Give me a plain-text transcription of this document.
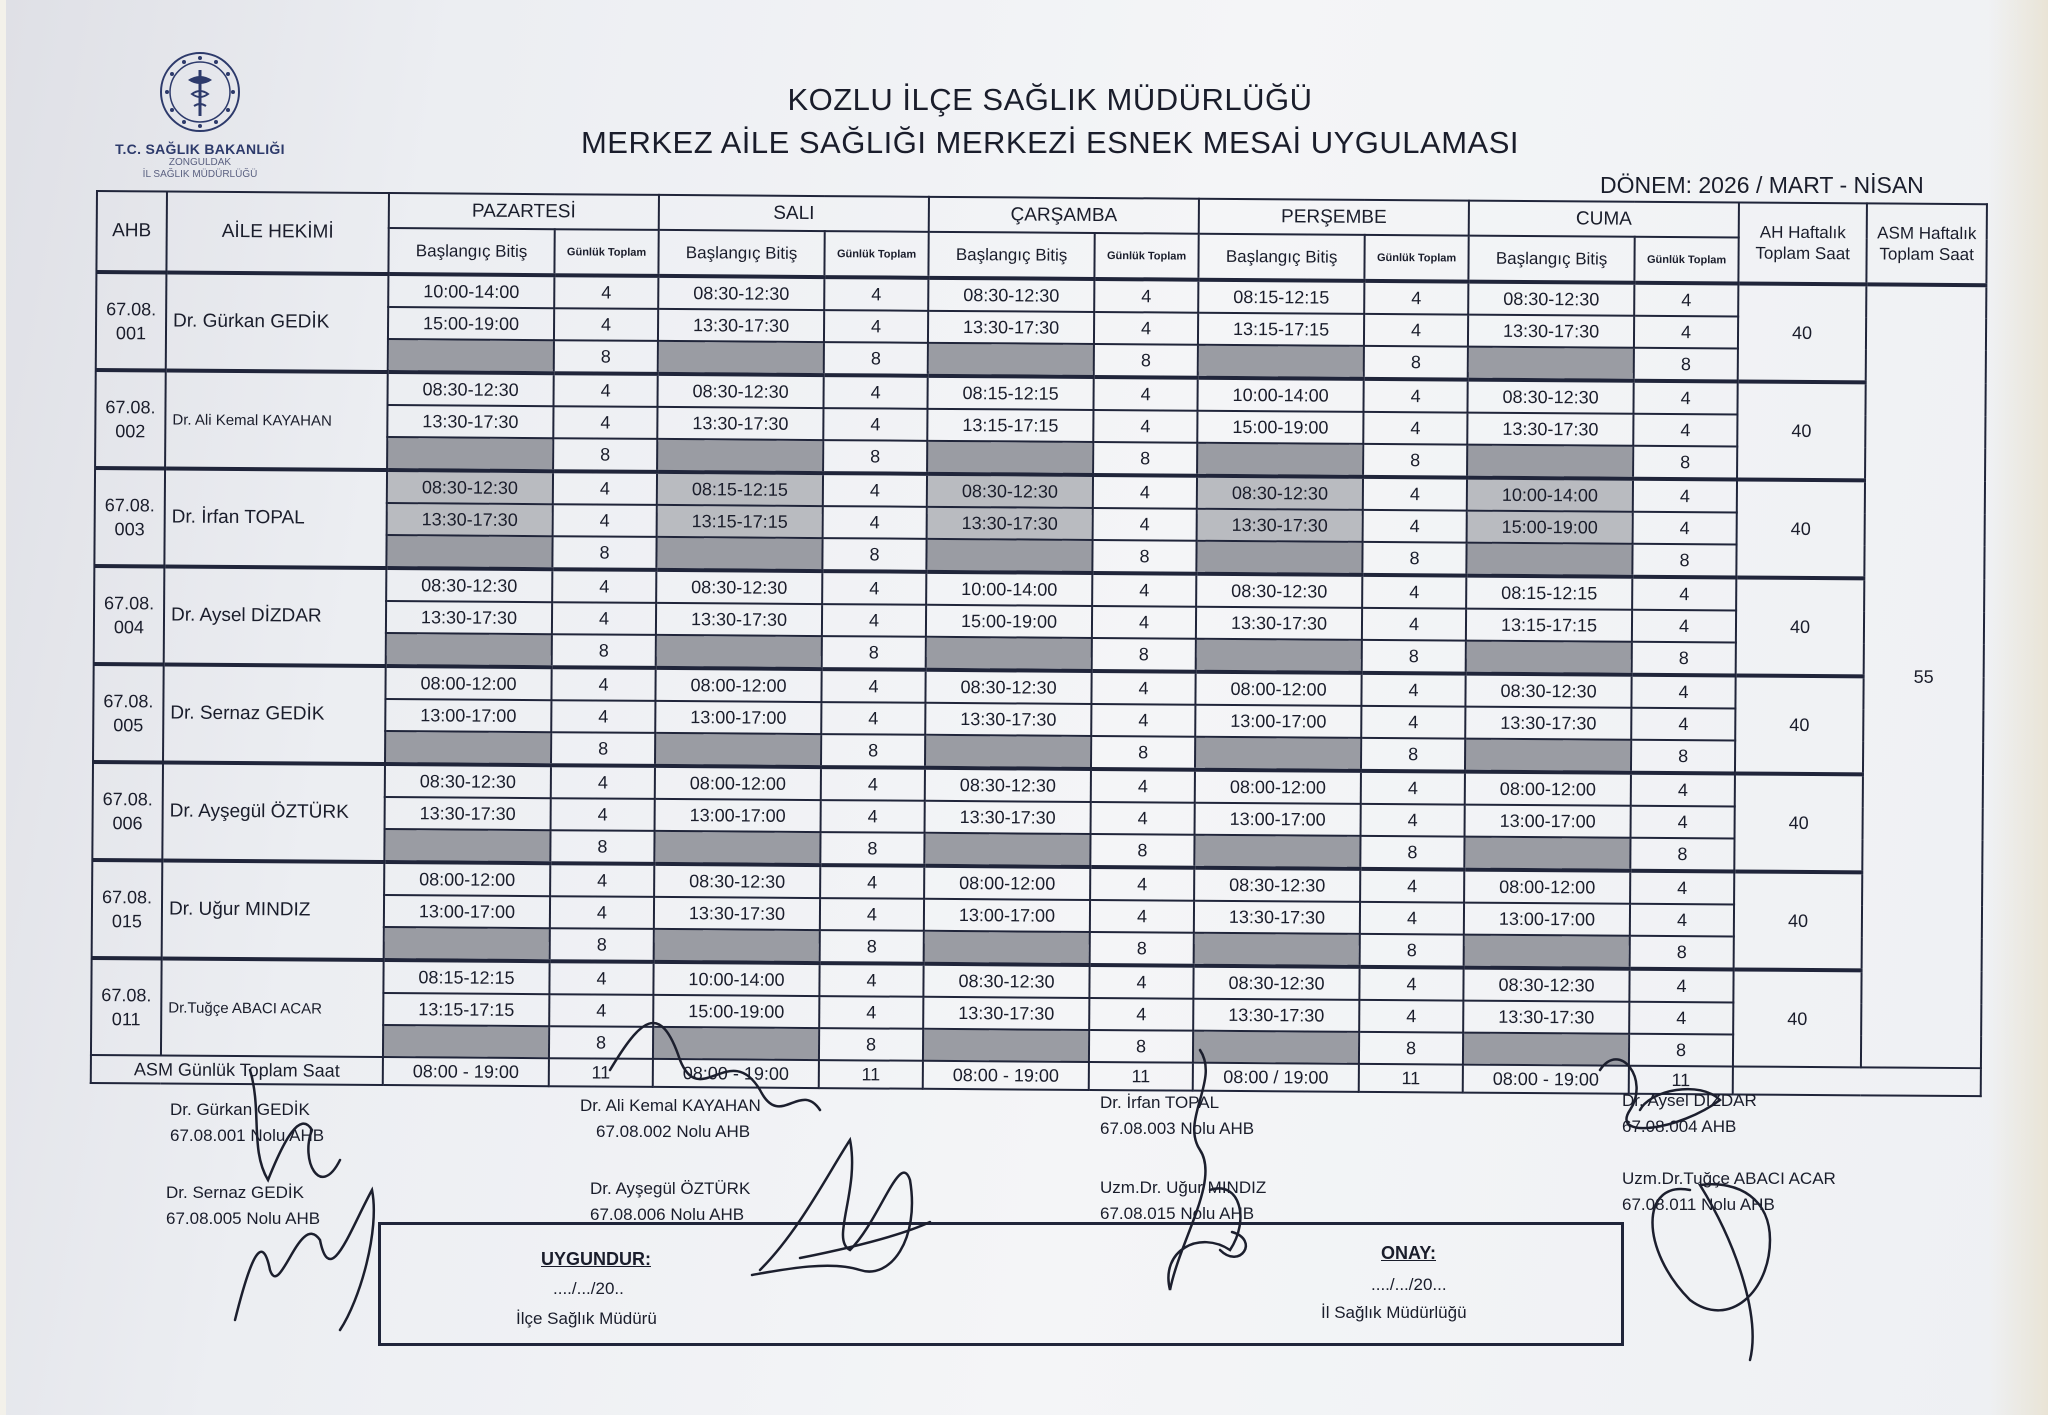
T.C. SAĞLIK BAKANLIĞI
ZONGULDAK
İL SAĞLIK MÜDÜRLÜĞÜ
KOZLU İLÇE SAĞLIK MÜDÜRLÜĞÜ
MERKEZ AİLE SAĞLIĞI MERKEZİ ESNEK MESAİ UYGULAMASI
DÖNEM: 2026 / MART - NİSAN
AHB	AİLE HEKİMİ	PAZARTESİ		SALI		ÇARŞAMBA		PERŞEMBE		CUMA		AH Haftalık Toplam Saat	ASM Haftalık Toplam Saat
		Başlangıç Bitiş	Günlük Toplam	Başlangıç Bitiş	Günlük Toplam	Başlangıç Bitiş	Günlük Toplam	Başlangıç Bitiş	Günlük Toplam	Başlangıç Bitiş	Günlük Toplam		
67.08. 001	Dr. Gürkan GEDİK	10:00-14:00	4	08:30-12:30	4	08:30-12:30	4	08:15-12:15	4	08:30-12:30	4	40	55
		15:00-19:00	4	13:30-17:30	4	13:30-17:30	4	13:15-17:15	4	13:30-17:30	4		
			8		8		8		8		8		
67.08. 002	Dr. Ali Kemal KAYAHAN	08:30-12:30	4	08:30-12:30	4	08:15-12:15	4	10:00-14:00	4	08:30-12:30	4	40	
		13:30-17:30	4	13:30-17:30	4	13:15-17:15	4	15:00-19:00	4	13:30-17:30	4		
			8		8		8		8		8		
67.08. 003	Dr. İrfan TOPAL	08:30-12:30	4	08:15-12:15	4	08:30-12:30	4	08:30-12:30	4	10:00-14:00	4	40	
		13:30-17:30	4	13:15-17:15	4	13:30-17:30	4	13:30-17:30	4	15:00-19:00	4		
			8		8		8		8		8		
67.08. 004	Dr. Aysel DİZDAR	08:30-12:30	4	08:30-12:30	4	10:00-14:00	4	08:30-12:30	4	08:15-12:15	4	40	
		13:30-17:30	4	13:30-17:30	4	15:00-19:00	4	13:30-17:30	4	13:15-17:15	4		
			8		8		8		8		8		
67.08. 005	Dr. Sernaz GEDİK	08:00-12:00	4	08:00-12:00	4	08:30-12:30	4	08:00-12:00	4	08:30-12:30	4	40	
		13:00-17:00	4	13:00-17:00	4	13:30-17:30	4	13:00-17:00	4	13:30-17:30	4		
			8		8		8		8		8		
67.08. 006	Dr. Ayşegül ÖZTÜRK	08:30-12:30	4	08:00-12:00	4	08:30-12:30	4	08:00-12:00	4	08:00-12:00	4	40	
		13:30-17:30	4	13:00-17:00	4	13:30-17:30	4	13:00-17:00	4	13:00-17:00	4		
			8		8		8		8		8		
67.08. 015	Dr. Uğur MINDIZ	08:00-12:00	4	08:30-12:30	4	08:00-12:00	4	08:30-12:30	4	08:00-12:00	4	40	
		13:00-17:00	4	13:30-17:30	4	13:00-17:00	4	13:30-17:30	4	13:00-17:00	4		
			8		8		8		8		8		
67.08. 011	Dr.Tuğçe ABACI ACAR	08:15-12:15	4	10:00-14:00	4	08:30-12:30	4	08:30-12:30	4	08:30-12:30	4	40	
		13:15-17:15	4	15:00-19:00	4	13:30-17:30	4	13:30-17:30	4	13:30-17:30	4		
			8		8		8		8		8		
ASM Günlük Toplam Saat		08:00 - 19:00	11	08:00 - 19:00	11	08:00 - 19:00	11	08:00 / 19:00	11	08:00 - 19:00	11		
Dr. Gürkan GEDİK
67.08.001 Nolu AHB
Dr. Ali Kemal KAYAHAN
67.08.002 Nolu AHB
Dr. İrfan TOPAL
67.08.003 Nolu AHB
Dr. Aysel DİZDAR
67.08.004 AHB
Dr. Sernaz GEDİK
67.08.005 Nolu AHB
Dr. Ayşegül ÖZTÜRK
67.08.006 Nolu AHB
Uzm.Dr. Uğur MINDIZ
67.08.015 Nolu AHB
Uzm.Dr.Tuğçe ABACI ACAR
67.08.011 Nolu AHB
UYGUNDUR:
..../.../20..
İlçe Sağlık Müdürü
ONAY:
..../.../20...
İl Sağlık Müdürlüğü
